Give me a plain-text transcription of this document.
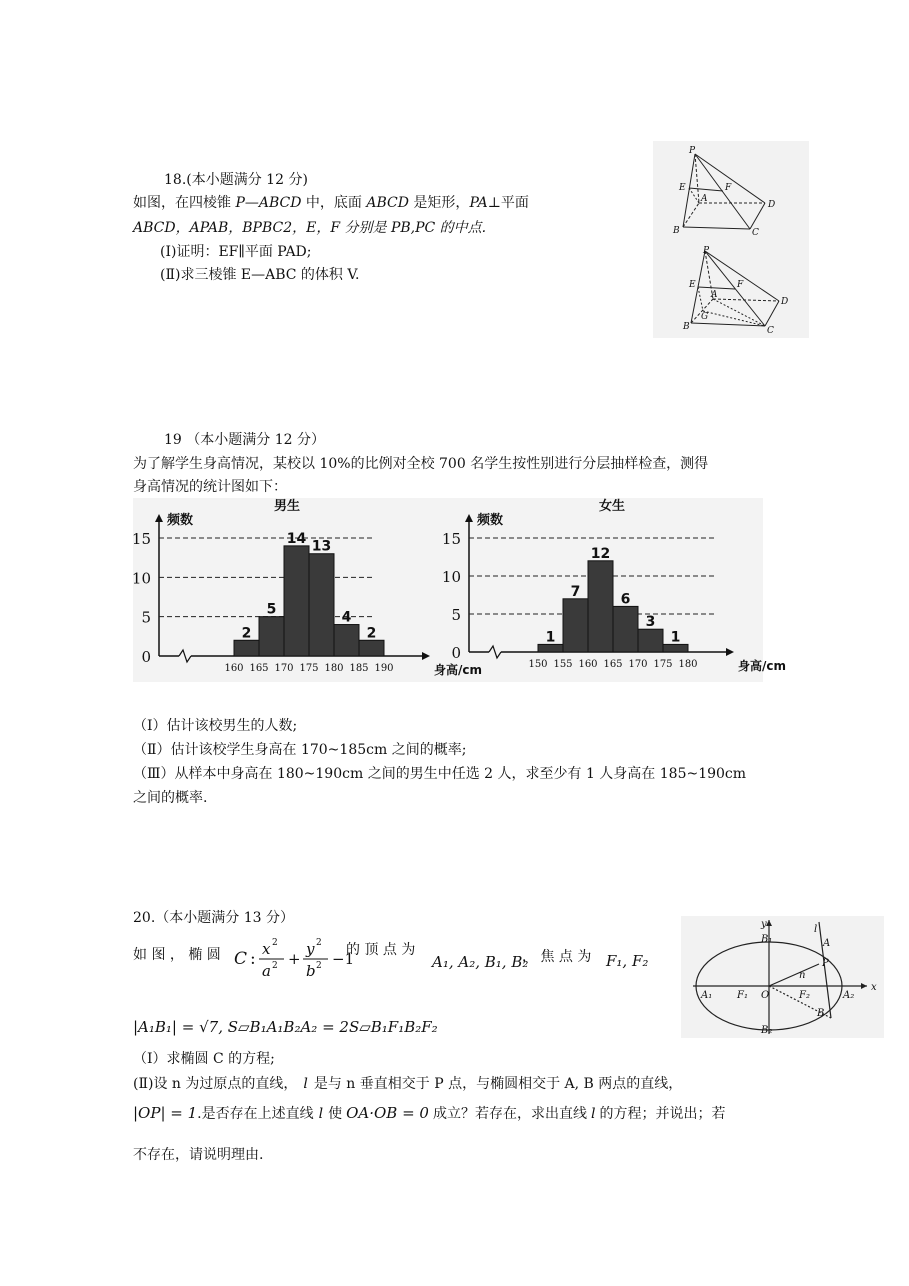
18.(本小题满分 12 分)
如图，在四棱锥 P—ABCD 中，底面 ABCD 是矩形，PA⊥平面
ABCD，APAB，BPBC2，E，F 分别是 PB,PC 的中点.
(Ⅰ)证明：EF∥平面 PAD;
(Ⅱ)求三棱锥 E—ABC 的体积 V.
P
E	F
A
D
B	C
P
E	F
A
D
G
B	C
19 （本小题满分 12 分）
为了解学生身高情况，某校以 10%的比例对全校 700 名学生按性别进行分层抽样检查，测得
身高情况的统计图如下：
0
5
10
15
2
5
14 13
4
2
160 165 170 175 180 185 190
频数
男生
身高/cm
0
5
10
15
1
7
12
6
3
1
150 155 160 165 170 175 180
频数
女生
身高/cm
（Ⅰ）估计该校男生的人数;
（Ⅱ）估计该校学生身高在 170~185cm 之间的概率;
（Ⅲ）从样本中身高在 180~190cm 之间的男生中任选 2 人，求至少有 1 人身高在 185~190cm
之间的概率.
20.（本小题满分 13 分）
如 图 ， 椭 圆 C : x 2
a 2 +
y 2
b 2 −1
的 顶 点 为
A₁, A₂, B₁, B₂
， 焦 点 为 F₁, F₂
|A₁B₁| = √7, S▱B₁A₁B₂A₂ = 2S▱B₁F₁B₂F₂
（Ⅰ）求椭圆 C 的方程;
(Ⅱ)设 n 为过原点的直线， l 是与 n 垂直相交于 P 点，与椭圆相交于 A, B 两点的直线，
|OP| = 1.是否存在上述直线 l 使 OA·OB = 0 成立？若存在，求出直线 l 的方程；并说出；若
不存在，请说明理由.
y
x
l
A
P
n
O
B₁
B₂
A₁	A₂
F₁	F₂
B
